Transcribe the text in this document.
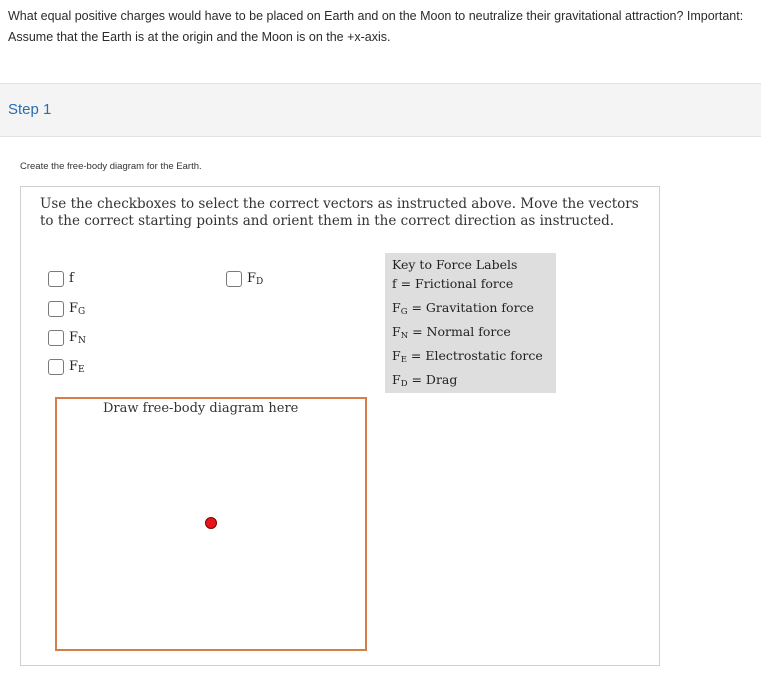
What equal positive charges would have to be placed on Earth and on the Moon to neutralize their gravitational attraction? Important: Assume that the Earth is at the origin and the Moon is on the +x-axis.

Step 1
Create the free-body diagram for the Earth.
Use the checkboxes to select the correct vectors as instructed above. Move the vectors to the correct starting points and orient them in the correct direction as instructed.
f
$F_G$
$F_N$
$F_E$
$F_D$
Key to Force Labels
f = Frictional force
$F_G$ = Gravitation force
$F_N$ = Normal force
$F_E$ = Electrostatic force
$F_D$ = Drag
Draw free-body diagram here
